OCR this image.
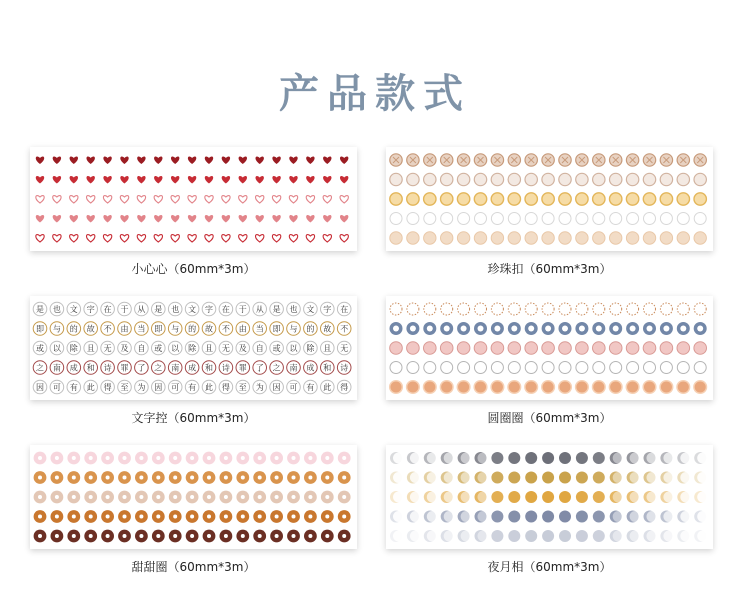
产品款式
小心心（60mm*3m）	珍珠扣（60mm*3m）
是 也 文 字 在 于 从 是 也 文 字 在 于 从 是 也 文 字 在
即 与 的 故 不 由 当 即 与 的 故 不 由 当 即 与 的 故 不
或 以 除 且 无 及 自 或 以 除 且 无 及 自 或 以 除 且 无
之 南 成 和 诗 罪 了 之 南 成 和 诗 罪 了 之 南 成 和 诗
因 可 有 此 得 至 为 因 可 有 此 得 至 为 因 可 有 此 得
文字控（60mm*3m）	圆圈圈（60mm*3m）
甜甜圈（60mm*3m）	夜月相（60mm*3m）
